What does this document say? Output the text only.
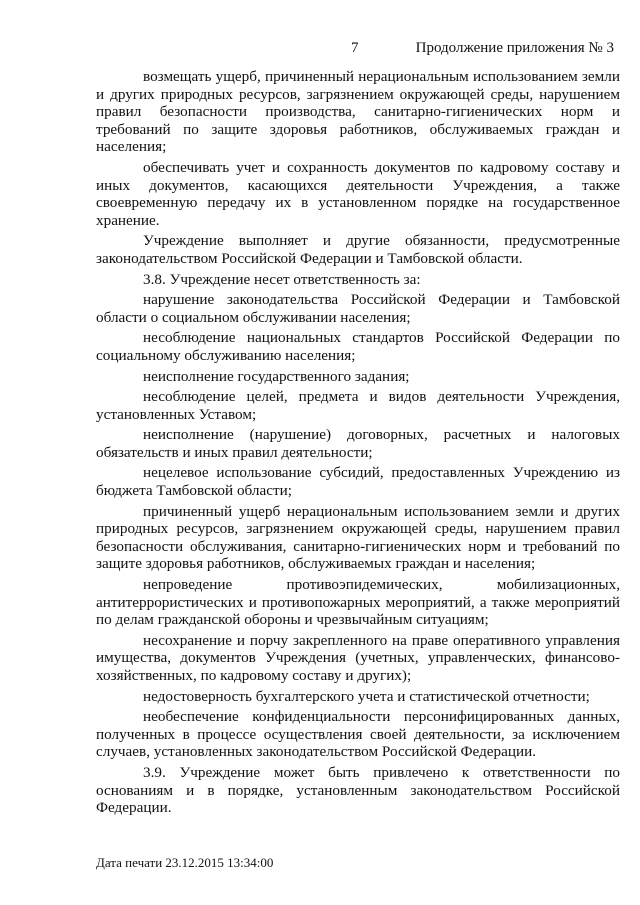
7	Продолжение приложения № 3

возмещать ущерб, причиненный нерациональным использованием земли и других природных ресурсов, загрязнением окружающей среды, нарушением правил безопасности производства, санитарно-гигиенических норм и требований по защите здоровья работников, обслуживаемых граждан и населения;

обеспечивать учет и сохранность документов по кадровому составу и иных документов, касающихся деятельности Учреждения, а также своевременную передачу их в установленном порядке на государственное хранение.

Учреждение выполняет и другие обязанности, предусмотренные законодательством Российской Федерации и Тамбовской области.

3.8. Учреждение несет ответственность за:

нарушение законодательства Российской Федерации и Тамбовской области о социальном обслуживании населения;

несоблюдение национальных стандартов Российской Федерации по социальному обслуживанию населения;

неисполнение государственного задания;

несоблюдение целей, предмета и видов деятельности Учреждения, установленных Уставом;

неисполнение (нарушение) договорных, расчетных и налоговых обязательств и иных правил деятельности;

нецелевое использование субсидий, предоставленных Учреждению из бюджета Тамбовской области;

причиненный ущерб нерациональным использованием земли и других природных ресурсов, загрязнением окружающей среды, нарушением правил безопасности обслуживания, санитарно-гигиенических норм и требований по защите здоровья работников, обслуживаемых граждан и населения;

непроведение противоэпидемических, мобилизационных, антитеррористических и противопожарных мероприятий, а также мероприятий по делам гражданской обороны и чрезвычайным ситуациям;

несохранение и порчу закрепленного на праве оперативного управления имущества, документов Учреждения (учетных, управленческих, финансово-хозяйственных, по кадровому составу и других);

недостоверность бухгалтерского учета и статистической отчетности;

необеспечение конфиденциальности персонифицированных данных, полученных в процессе осуществления своей деятельности, за исключением случаев, установленных законодательством Российской Федерации.

3.9. Учреждение может быть привлечено к ответственности по основаниям и в порядке, установленным законодательством Российской Федерации.

Дата печати 23.12.2015 13:34:00
